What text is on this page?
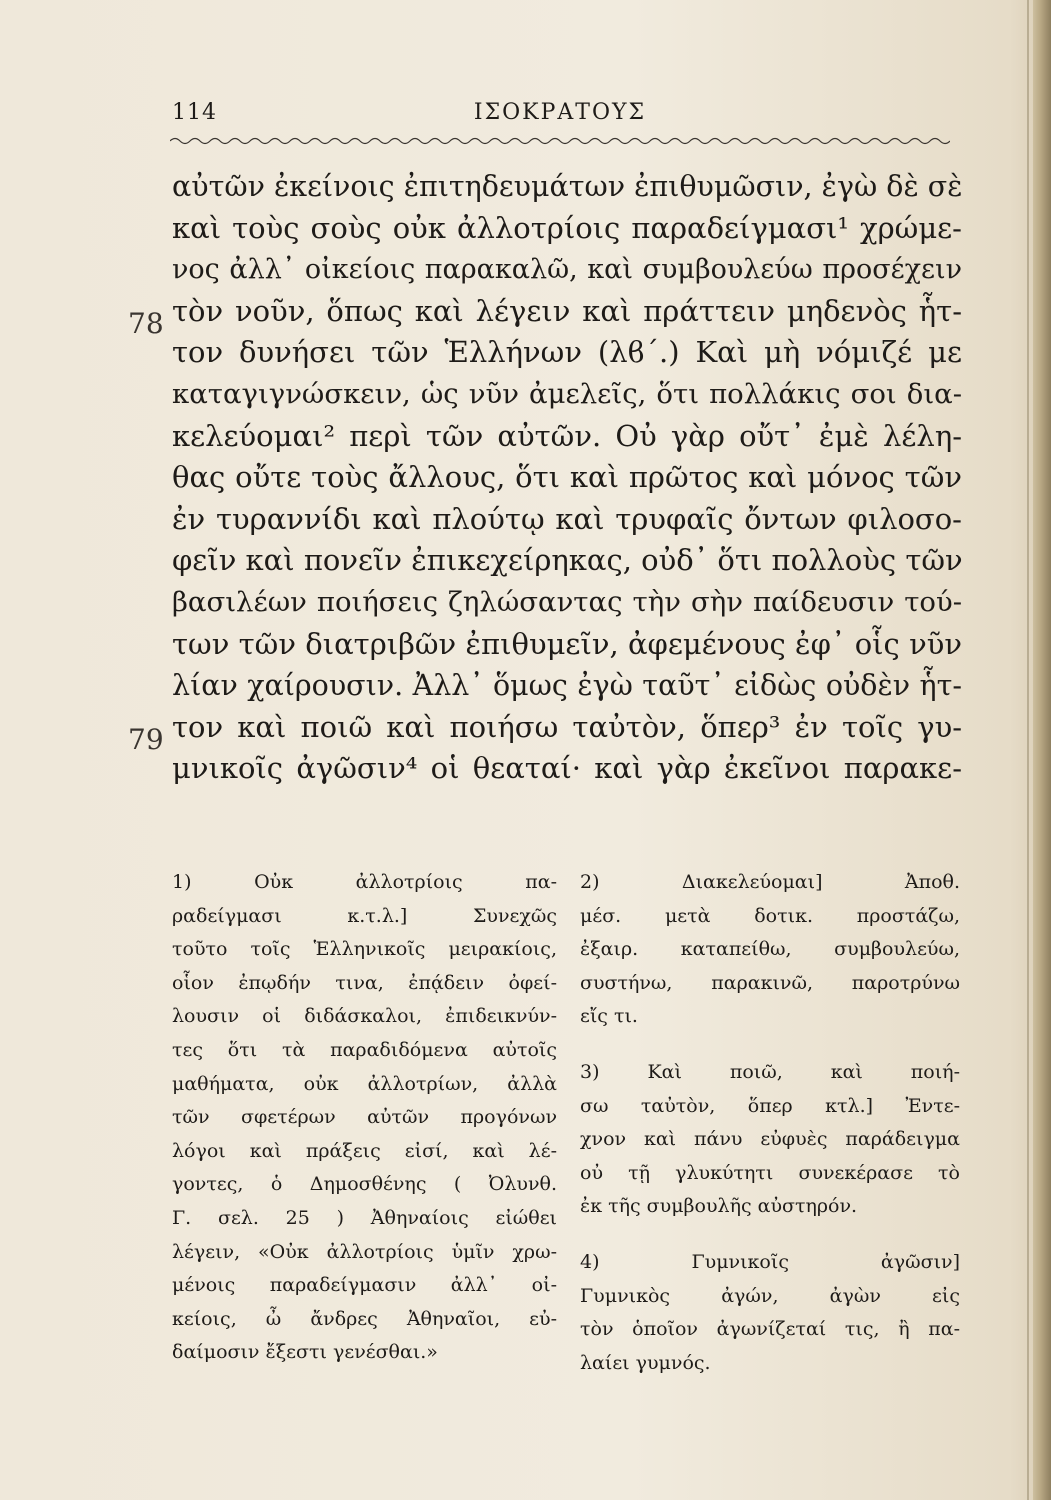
114	ΙΣΟΚΡΑΤΟΥΣ
78
79
αὐτῶν ἐκείνοις ἐπιτηδευμάτων ἐπιθυμῶσιν, ἐγὼ δὲ σὲ
καὶ τοὺς σοὺς οὐκ ἀλλοτρίοις παραδείγμασι¹ χρώμε-
νος ἀλλ᾽ οἰκείοις παρακαλῶ, καὶ συμβουλεύω προσέχειν
τὸν νοῦν, ὅπως καὶ λέγειν καὶ πράττειν μηδενὸς ἧτ-
τον δυνήσει τῶν Ἑλλήνων (λϐ΄.) Καὶ μὴ νόμιζέ με
καταγιγνώσκειν, ὡς νῦν ἀμελεῖς, ὅτι πολλάκις σοι δια-
κελεύομαι² περὶ τῶν αὐτῶν. Οὐ γὰρ οὔτ᾽ ἐμὲ λέλη-
θας οὔτε τοὺς ἄλλους, ὅτι καὶ πρῶτος καὶ μόνος τῶν
ἐν τυραννίδι καὶ πλούτῳ καὶ τρυφαῖς ὄντων φιλοσο-
φεῖν καὶ πονεῖν ἐπικεχείρηκας, οὐδ᾽ ὅτι πολλοὺς τῶν
βασιλέων ποιήσεις ζηλώσαντας τὴν σὴν παίδευσιν τού-
των τῶν διατριβῶν ἐπιθυμεῖν, ἀφεμένους ἐφ᾽ οἷς νῦν
λίαν χαίρουσιν. Ἀλλ᾽ ὅμως ἐγὼ ταῦτ᾽ εἰδὼς οὐδὲν ἧτ-
τον καὶ ποιῶ καὶ ποιήσω ταὐτὸν, ὅπερ³ ἐν τοῖς γυ-
μνικοῖς ἀγῶσιν⁴ οἱ θεαταί· καὶ γὰρ ἐκεῖνοι παρακε-
1) Οὐκ ἀλλοτρίοις πα-
ραδείγμασι κ.τ.λ.] Συνεχῶς
τοῦτο τοῖς Ἑλληνικοῖς μειρακίοις,
οἷον ἐπῳδήν τινα, ἐπᾴδειν ὀφεί-
λουσιν οἱ διδάσκαλοι, ἐπιδεικνύν-
τες ὅτι τὰ παραδιδόμενα αὐτοῖς
μαθήματα, οὐκ ἀλλοτρίων, ἀλλὰ
τῶν σφετέρων αὐτῶν προγόνων
λόγοι καὶ πράξεις εἰσί, καὶ λέ-
γοντες, ὁ Δημοσθένης ( Ὀλυνθ.
Γ. σελ. 25 ) Ἀθηναίοις εἰώθει
λέγειν, «Οὐκ ἀλλοτρίοις ὑμῖν χρω-
μένοις παραδείγμασιν ἀλλ᾽ οἰ-
κείοις, ὦ ἄνδρες Ἀθηναῖοι, εὐ-
δαίμοσιν ἔξεστι γενέσθαι.»
2) Διακελεύομαι] Ἀποθ.
μέσ. μετὰ δοτικ. προστάζω,
ἐξαιρ. καταπείθω, συμβουλεύω,
συστήνω, παρακινῶ, παροτρύνω
εἴς τι.
3) Καὶ ποιῶ, καὶ ποιή-
σω ταὐτὸν, ὅπερ κτλ.] Ἐντε-
χνον καὶ πάνυ εὐφυὲς παράδειγμα
οὐ τῇ γλυκύτητι συνεκέρασε τὸ
ἐκ τῆς συμβουλῆς αὐστηρόν.
4) Γυμνικοῖς ἀγῶσιν]
Γυμνικὸς ἀγών, ἀγὼν εἰς
τὸν ὁποῖον ἀγωνίζεταί τις, ἢ πα-
λαίει γυμνός.
